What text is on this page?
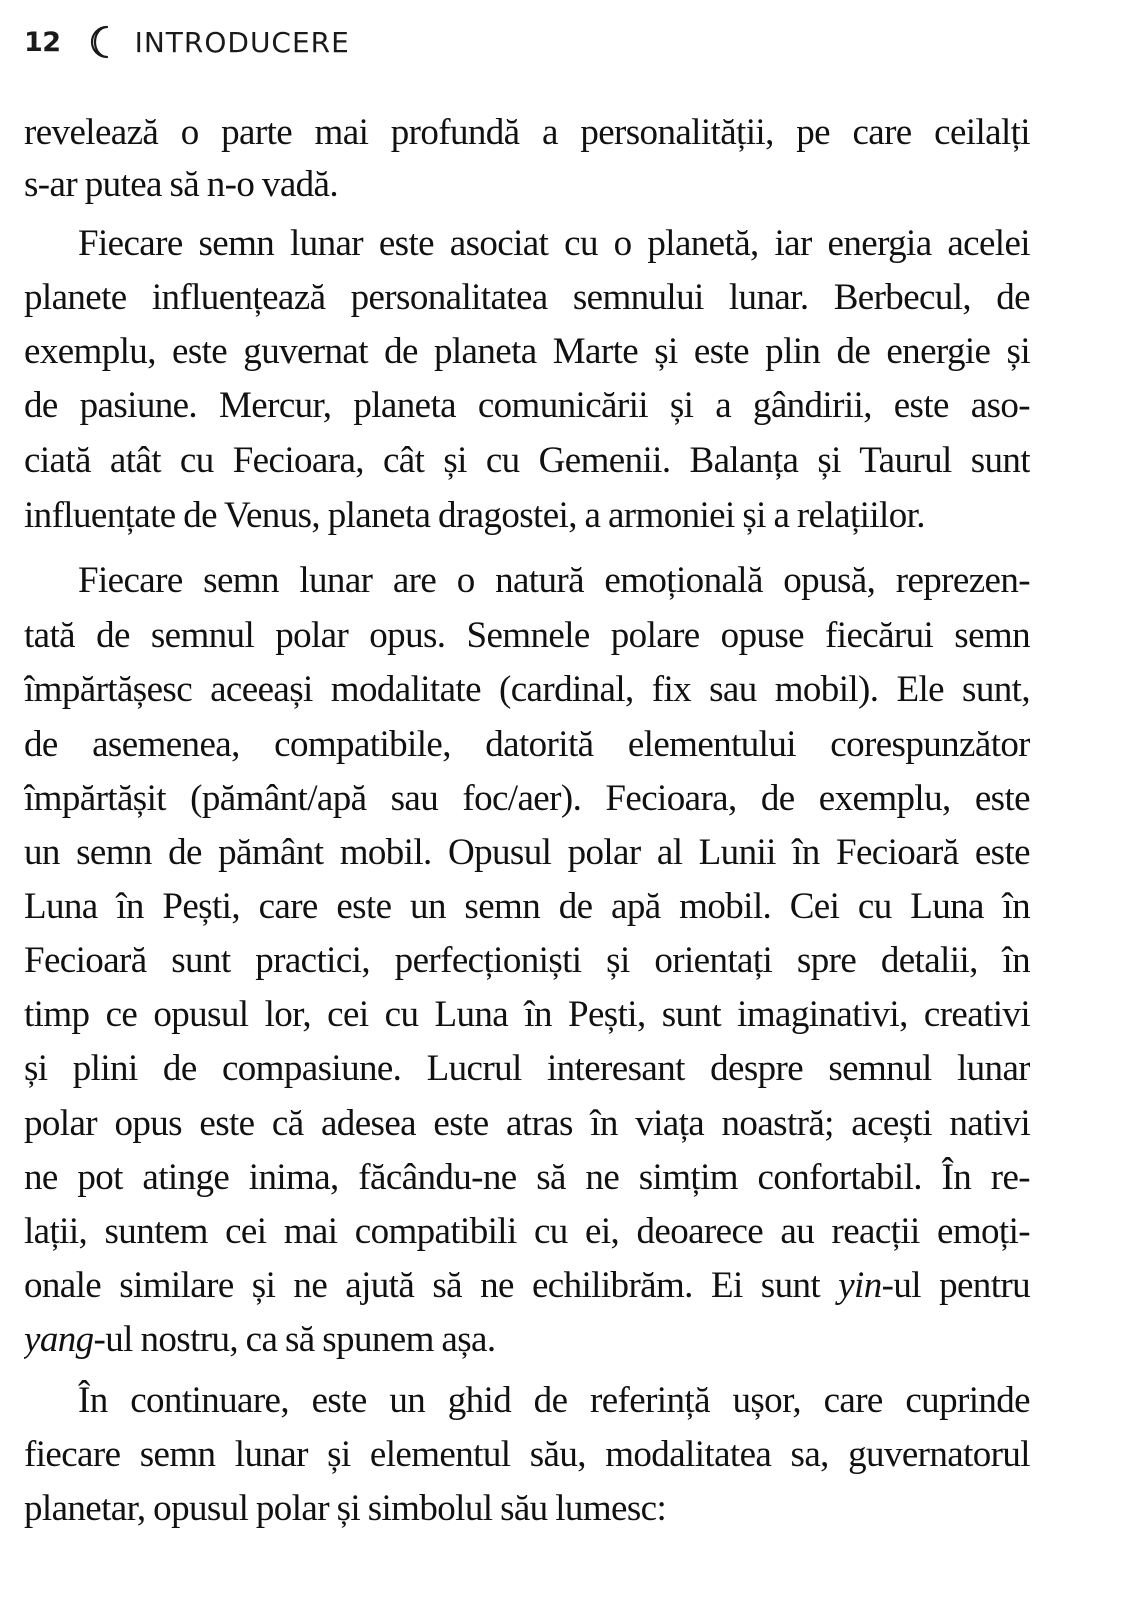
12	INTRODUCERE
revelează o parte mai profundă a personalității, pe care ceilalți
s-ar putea să n-o vadă.
Fiecare semn lunar este asociat cu o planetă, iar energia acelei
planete influențează personalitatea semnului lunar. Berbecul, de
exemplu, este guvernat de planeta Marte și este plin de energie și
de pasiune. Mercur, planeta comunicării și a gândirii, este aso-
ciată atât cu Fecioara, cât și cu Gemenii. Balanța și Taurul sunt
influențate de Venus, planeta dragostei, a armoniei și a relațiilor.
Fiecare semn lunar are o natură emoțională opusă, reprezen-
tată de semnul polar opus. Semnele polare opuse fiecărui semn
împărtășesc aceeași modalitate (cardinal, fix sau mobil). Ele sunt,
de asemenea, compatibile, datorită elementului corespunzător
împărtășit (pământ/apă sau foc/aer). Fecioara, de exemplu, este
un semn de pământ mobil. Opusul polar al Lunii în Fecioară este
Luna în Pești, care este un semn de apă mobil. Cei cu Luna în
Fecioară sunt practici, perfecționiști și orientați spre detalii, în
timp ce opusul lor, cei cu Luna în Pești, sunt imaginativi, creativi
și plini de compasiune. Lucrul interesant despre semnul lunar
polar opus este că adesea este atras în viața noastră; acești nativi
ne pot atinge inima, făcându-ne să ne simțim confortabil. În re-
lații, suntem cei mai compatibili cu ei, deoarece au reacții emoți-
onale similare și ne ajută să ne echilibrăm. Ei sunt yin-ul pentru
yang-ul nostru, ca să spunem așa.
În continuare, este un ghid de referință ușor, care cuprinde
fiecare semn lunar și elementul său, modalitatea sa, guvernatorul
planetar, opusul polar și simbolul său lumesc:
